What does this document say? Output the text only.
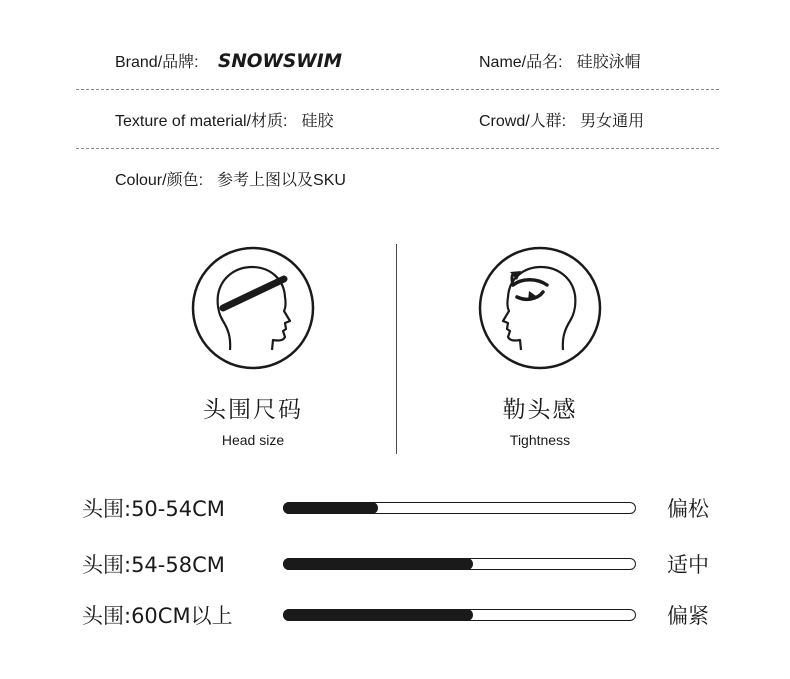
Brand/品牌: SNOWSWIM	Name/品名: 硅胶泳帽
Texture of material/材质: 硅胶	Crowd/人群: 男女通用
Colour/颜色: 参考上图以及SKU
头围尺码
Head size
勒头感
Tightness
头围:50-54CM	偏松
头围:54-58CM	适中
头围:60CM以上	偏紧
